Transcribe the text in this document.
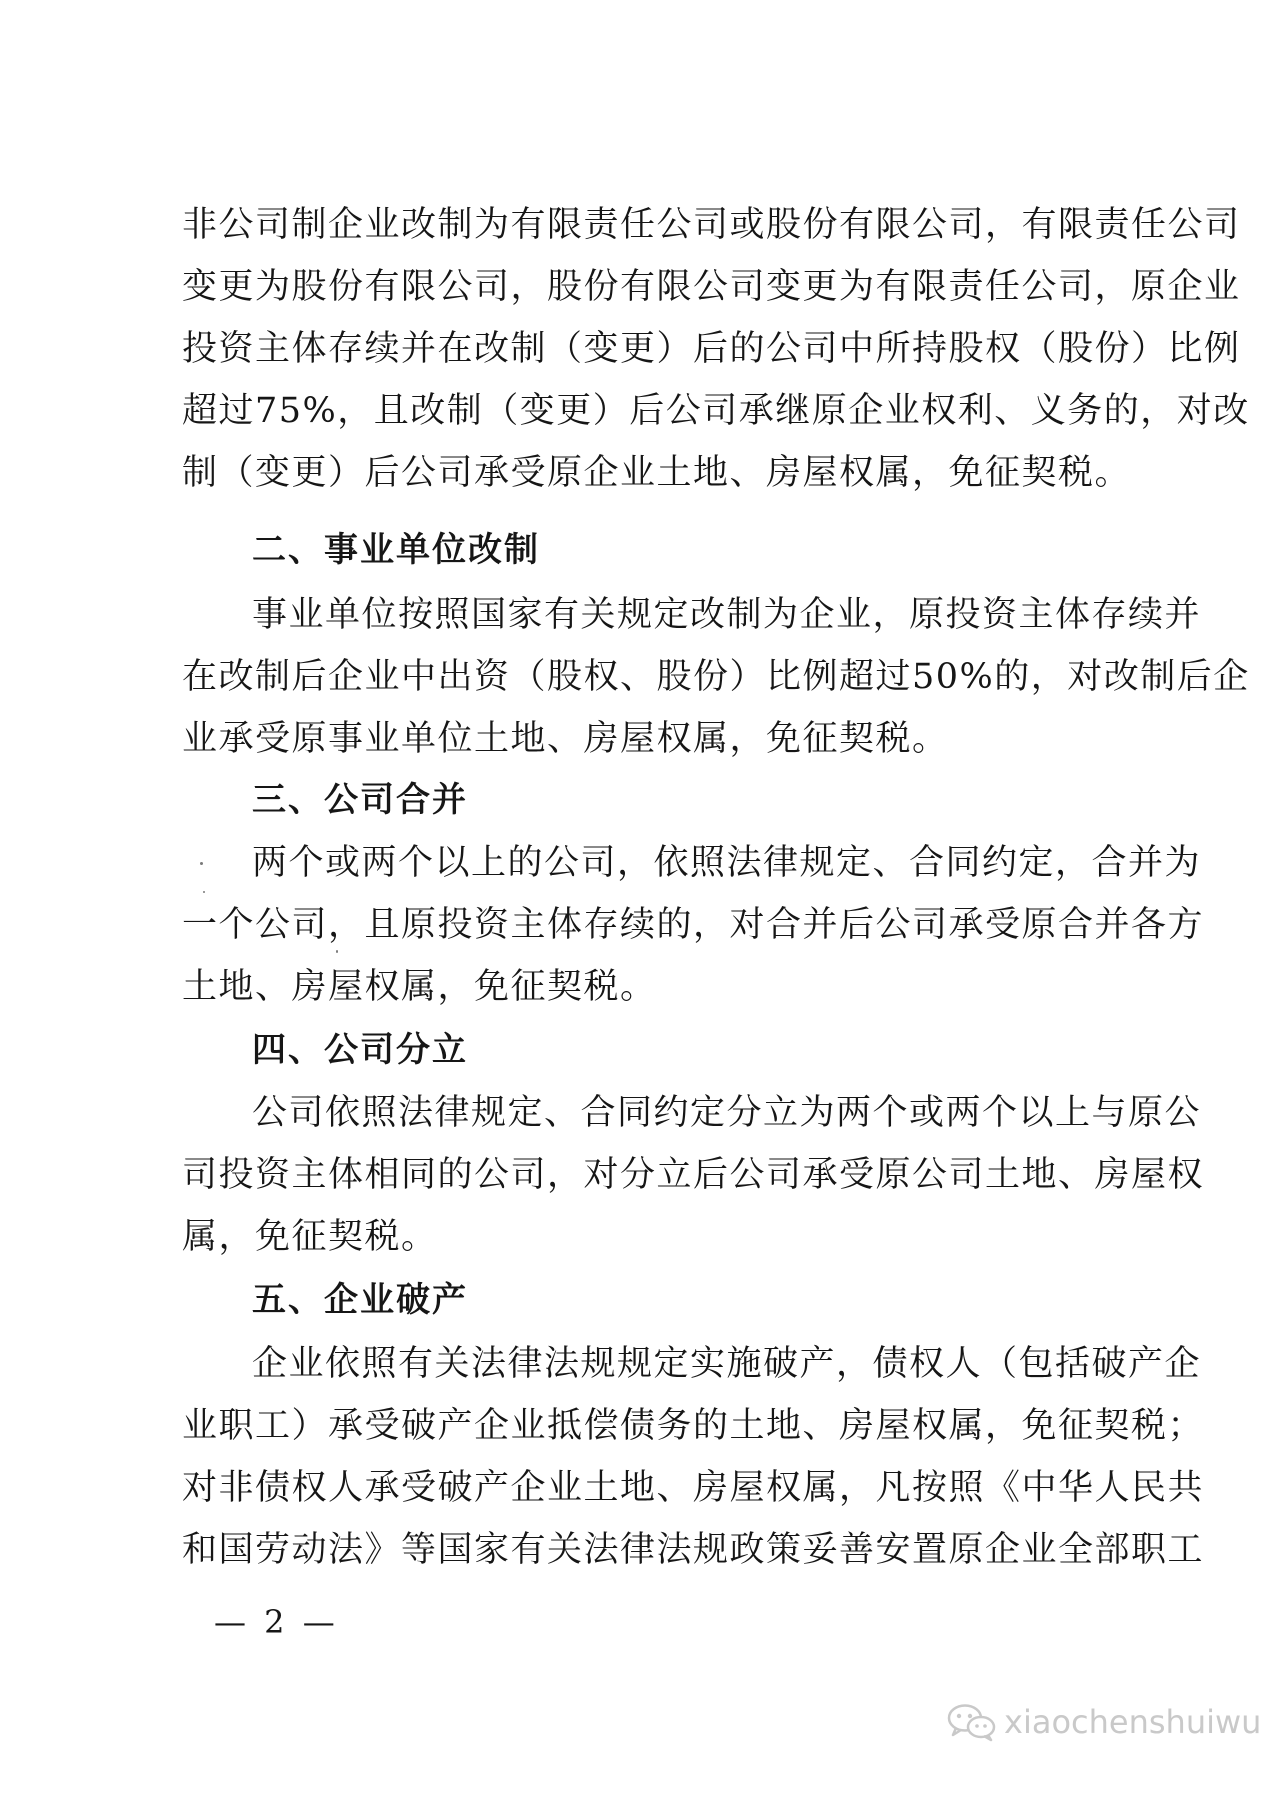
非公司制企业改制为有限责任公司或股份有限公司，有限责任公司
变更为股份有限公司，股份有限公司变更为有限责任公司，原企业
投资主体存续并在改制（变更）后的公司中所持股权（股份）比例
超过75%，且改制（变更）后公司承继原企业权利、义务的，对改
制（变更）后公司承受原企业土地、房屋权属，免征契税。
二、事业单位改制
事业单位按照国家有关规定改制为企业，原投资主体存续并
在改制后企业中出资（股权、股份）比例超过50%的，对改制后企
业承受原事业单位土地、房屋权属，免征契税。
三、公司合并
两个或两个以上的公司，依照法律规定、合同约定，合并为
一个公司，且原投资主体存续的，对合并后公司承受原合并各方
土地、房屋权属，免征契税。
四、公司分立
公司依照法律规定、合同约定分立为两个或两个以上与原公
司投资主体相同的公司，对分立后公司承受原公司土地、房屋权
属，免征契税。
五、企业破产
企业依照有关法律法规规定实施破产，债权人（包括破产企
业职工）承受破产企业抵偿债务的土地、房屋权属，免征契税；
对非债权人承受破产企业土地、房屋权属，凡按照《中华人民共
和国劳动法》等国家有关法律法规政策妥善安置原企业全部职工
— 2 —
xiaochenshuiwu
